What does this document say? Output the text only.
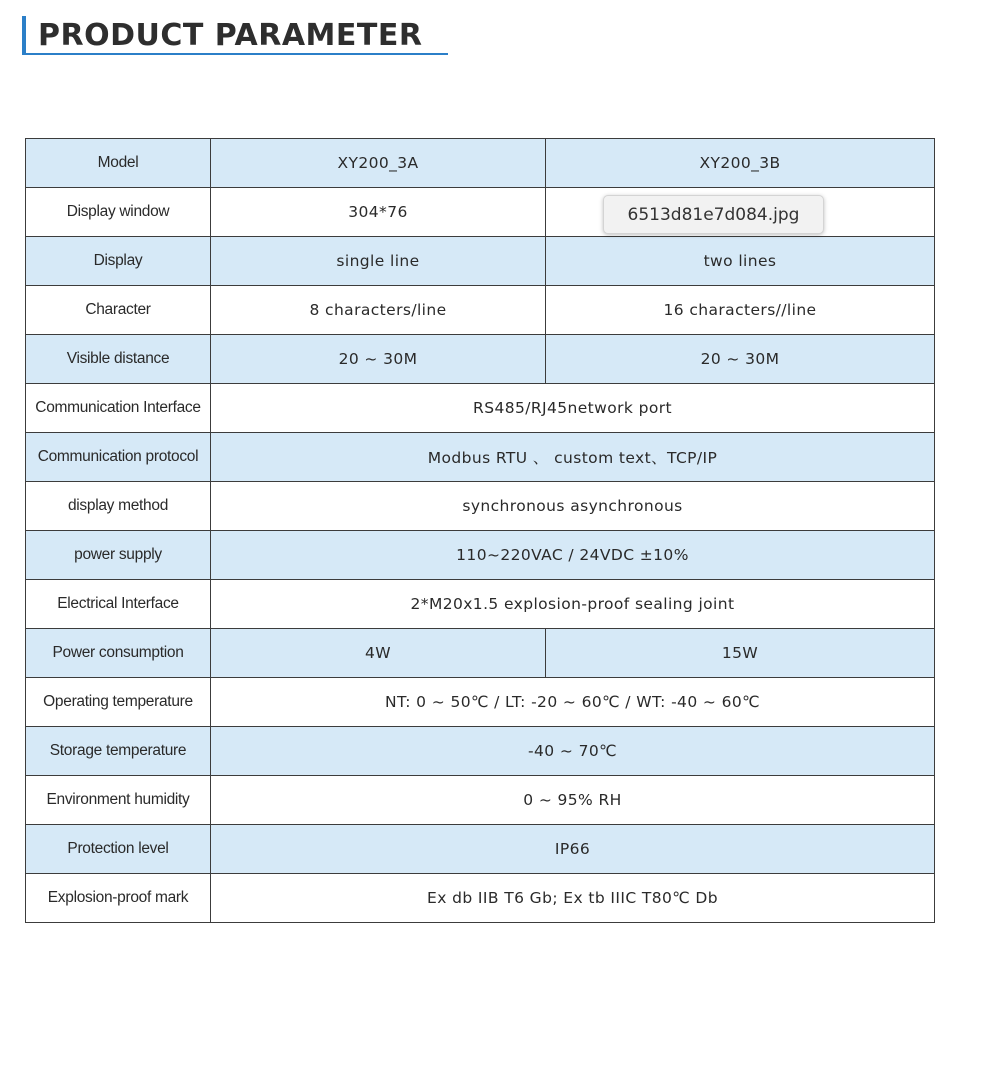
PRODUCT PARAMETER
Model	XY200_3A	XY200_3B
Display window	304*76	
Display	single line	two lines
Character	8 characters/line	16 characters//line
Visible distance	20 ~ 30M	20 ~ 30M
Communication Interface	RS485/RJ45network port	
Communication protocol	Modbus RTU 、 custom text、TCP/IP	
display method	synchronous asynchronous	
power supply	110~220VAC / 24VDC ±10%	
Electrical Interface	2*M20x1.5 explosion-proof sealing joint	
Power consumption	4W	15W
Operating temperature	NT: 0 ~ 50℃ / LT: -20 ~ 60℃ / WT: -40 ~ 60℃	
Storage temperature	-40 ~ 70℃	
Environment humidity	0 ~ 95% RH	
Protection level	IP66	
Explosion-proof mark	Ex db IIB T6 Gb; Ex tb IIIC T80℃ Db	
6513d81e7d084.jpg
